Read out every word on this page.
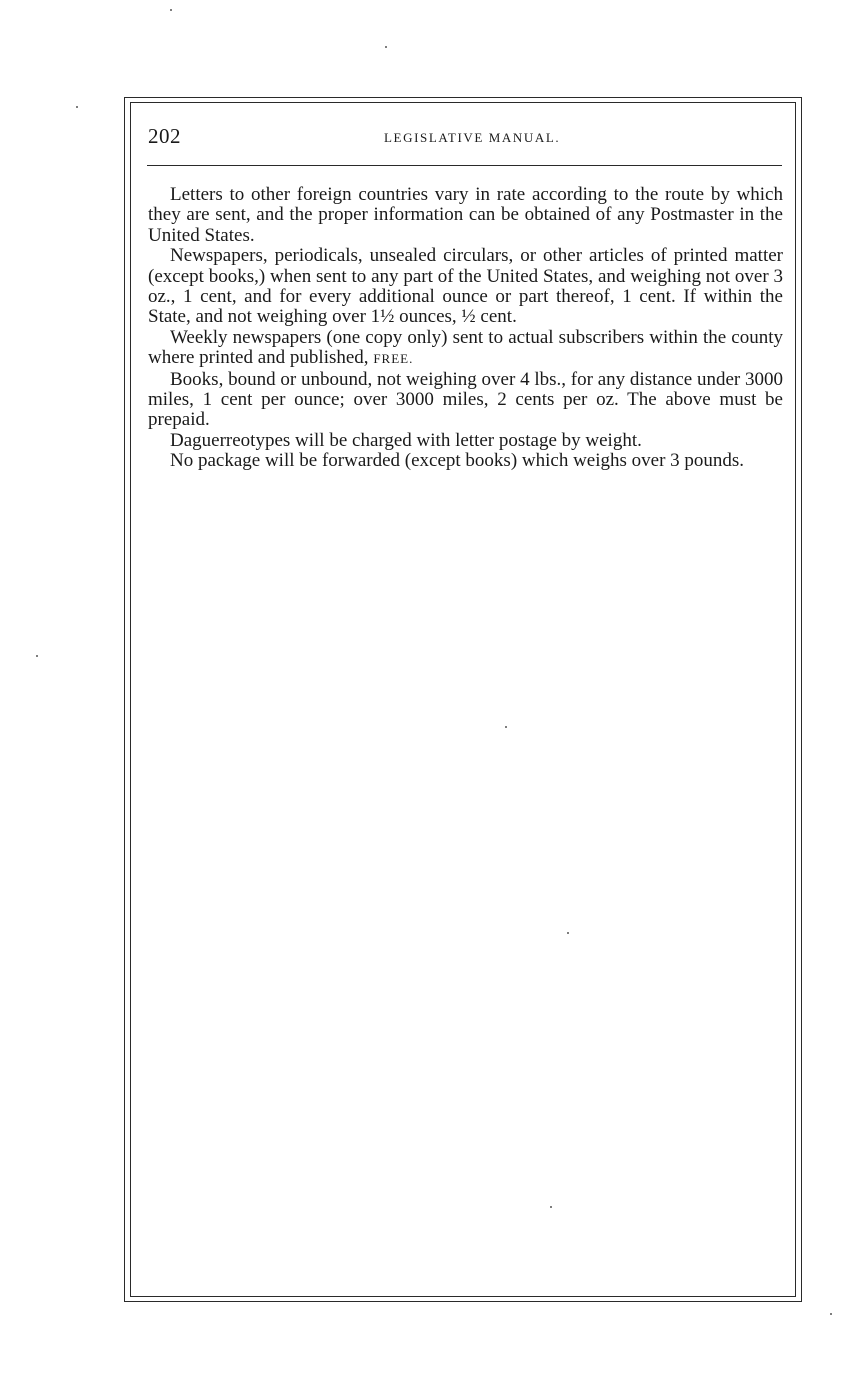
202	LEGISLATIVE MANUAL.

Letters to other foreign countries vary in rate according to the route by which they are sent, and the proper information can be obtained of any Postmaster in the United States.

Newspapers, periodicals, unsealed circulars, or other articles of printed matter (except books,) when sent to any part of the United States, and weighing not over 3 oz., 1 cent, and for every additional ounce or part thereof, 1 cent. If within the State, and not weighing over 1½ ounces, ½ cent.

Weekly newspapers (one copy only) sent to actual subscribers within the county where printed and published, FREE.

Books, bound or unbound, not weighing over 4 lbs., for any distance under 3000 miles, 1 cent per ounce; over 3000 miles, 2 cents per oz. The above must be prepaid.

Daguerreotypes will be charged with letter postage by weight.

No package will be forwarded (except books) which weighs over 3 pounds.
